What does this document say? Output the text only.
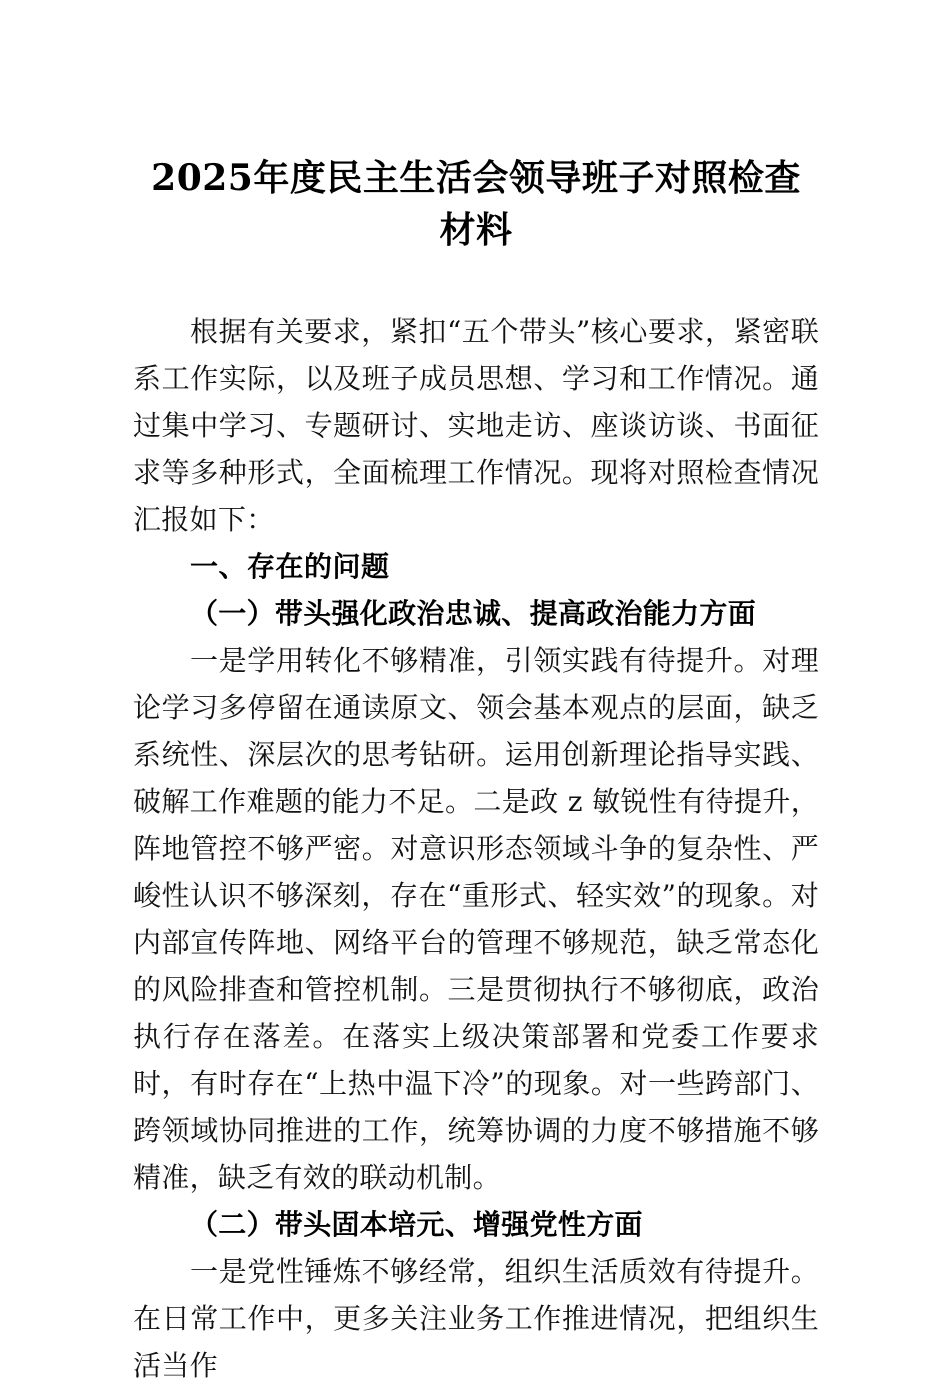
2025年度民主生活会领导班子对照检查材料

根据有关要求，紧扣“五个带头”核心要求，紧密联系工作实际，以及班子成员思想、学习和工作情况。通过集中学习、专题研讨、实地走访、座谈访谈、书面征求等多种形式，全面梳理工作情况。现将对照检查情况汇报如下：

一、存在的问题
（一）带头强化政治忠诚、提高政治能力方面

一是学用转化不够精准，引领实践有待提升。对理论学习多停留在通读原文、领会基本观点的层面，缺乏系统性、深层次的思考钻研。运用创新理论指导实践、破解工作难题的能力不足。二是政 z 敏锐性有待提升，阵地管控不够严密。对意识形态领域斗争的复杂性、严峻性认识不够深刻，存在“重形式、轻实效”的现象。对内部宣传阵地、网络平台的管理不够规范，缺乏常态化的风险排查和管控机制。三是贯彻执行不够彻底，政治执行存在落差。在落实上级决策部署和党委工作要求时，有时存在“上热中温下冷”的现象。对一些跨部门、跨领域协同推进的工作，统筹协调的力度不够措施不够精准，缺乏有效的联动机制。

（二）带头固本培元、增强党性方面

一是党性锤炼不够经常，组织生活质效有待提升。在日常工作中，更多关注业务工作推进情况，把组织生活当作
